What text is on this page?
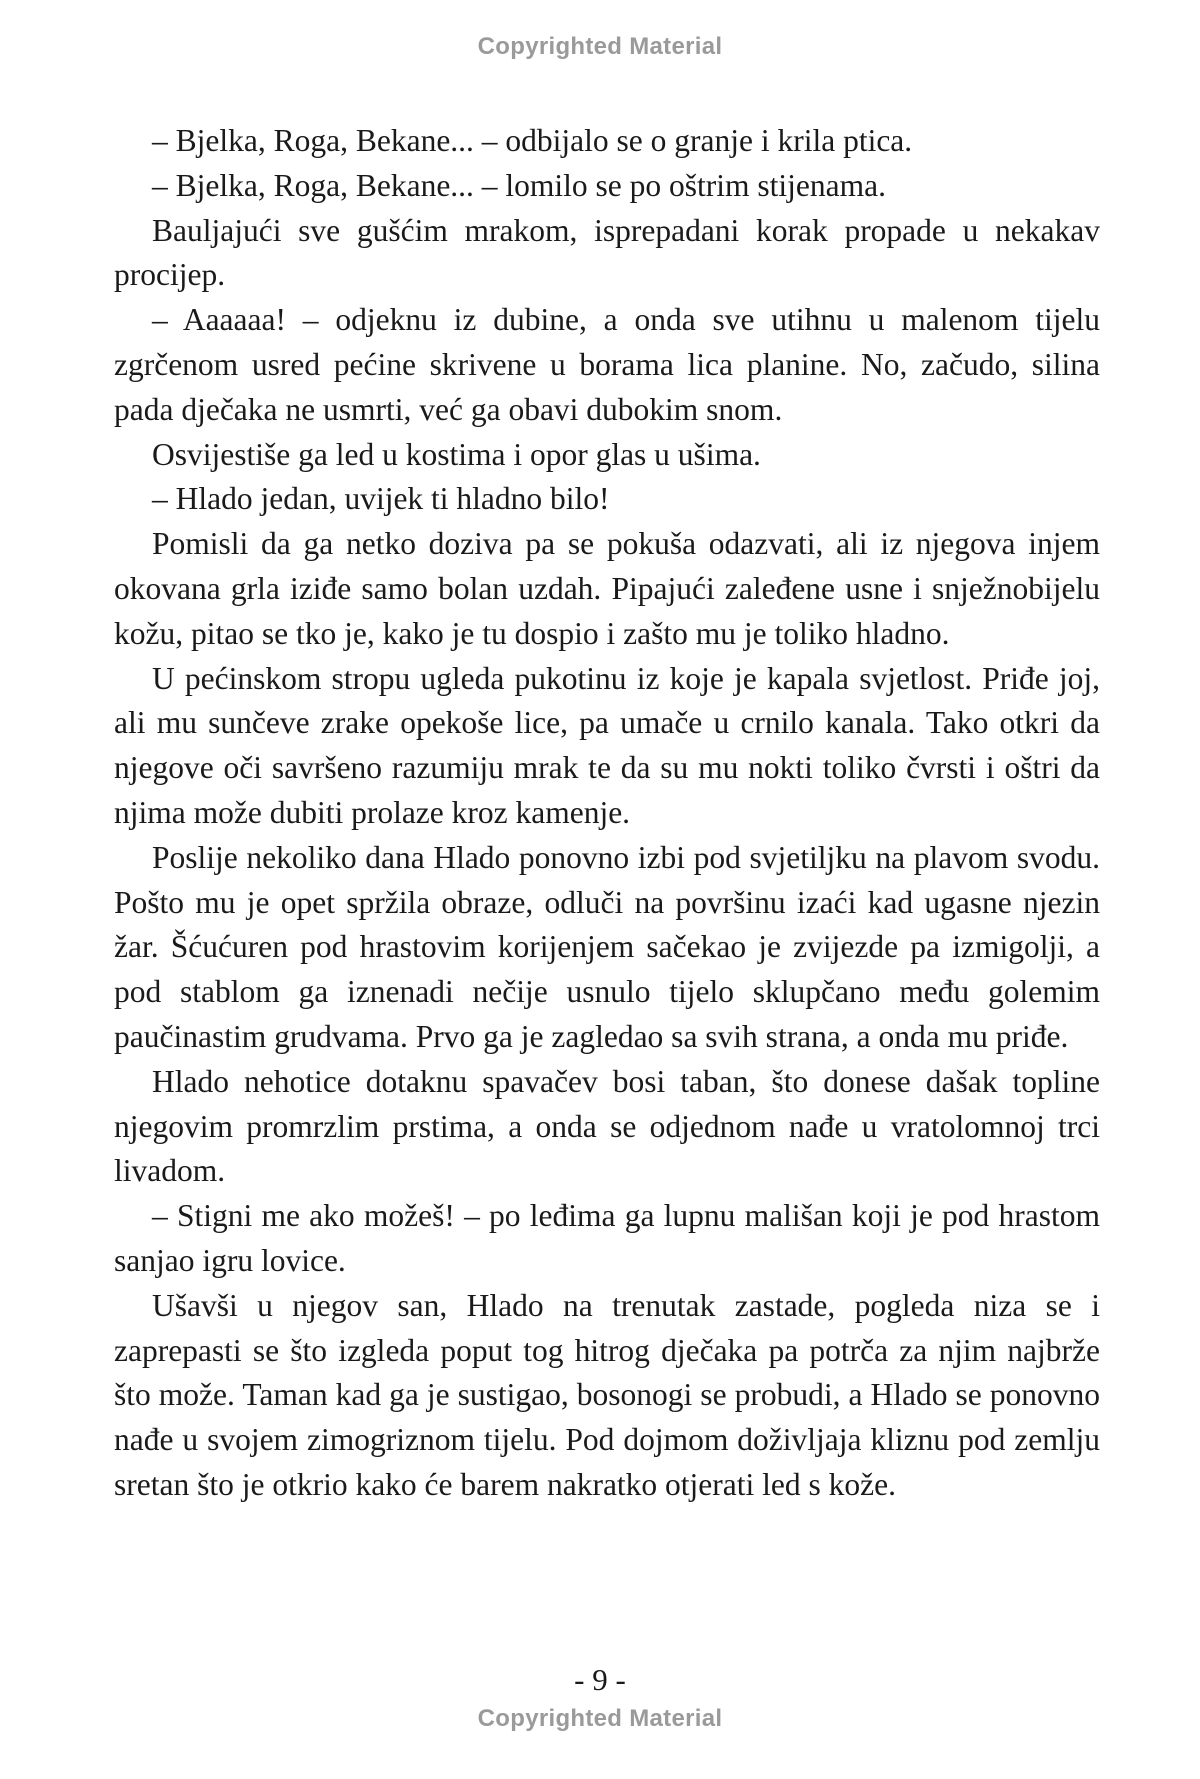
Copyrighted Material

– Bjelka, Roga, Bekane... – odbijalo se o granje i krila ptica.

– Bjelka, Roga, Bekane... – lomilo se po oštrim stijenama.

Bauljajući sve gušćim mrakom, isprepadani korak propade u nekakav procijep.

– Aaaaaa! – odjeknu iz dubine, a onda sve utihnu u malenom tijelu zgrčenom usred pećine skrivene u borama lica planine. No, začudo, silina pada dječaka ne usmrti, već ga obavi dubokim snom.

Osvijestiše ga led u kostima i opor glas u ušima.

– Hlado jedan, uvijek ti hladno bilo!

Pomisli da ga netko doziva pa se pokuša odazvati, ali iz njegova injem okovana grla iziđe samo bolan uzdah. Pipajući zaleđene usne i snježnobijelu kožu, pitao se tko je, kako je tu dospio i zašto mu je toliko hladno.

U pećinskom stropu ugleda pukotinu iz koje je kapala svjetlost. Priđe joj, ali mu sunčeve zrake opekoše lice, pa umače u crnilo kanala. Tako otkri da njegove oči savršeno razumiju mrak te da su mu nokti toliko čvrsti i oštri da njima može dubiti prolaze kroz kamenje.

Poslije nekoliko dana Hlado ponovno izbi pod svjetiljku na plavom svodu. Pošto mu je opet spržila obraze, odluči na površinu izaći kad ugasne njezin žar. Šćućuren pod hrastovim korijenjem sačekao je zvijezde pa izmigolji, a pod stablom ga iznenadi nečije usnulo tijelo sklupčano među golemim paučinastim grudvama. Prvo ga je zagledao sa svih strana, a onda mu priđe.

Hlado nehotice dotaknu spavačev bosi taban, što donese dašak topline njegovim promrzlim prstima, a onda se odjednom nađe u vratolomnoj trci livadom.

– Stigni me ako možeš! – po leđima ga lupnu mališan koji je pod hrastom sanjao igru lovice.

Ušavši u njegov san, Hlado na trenutak zastade, pogleda niza se i zaprepasti se što izgleda poput tog hitrog dječaka pa potrča za njim najbrže što može. Taman kad ga je sustigao, bosonogi se probudi, a Hlado se ponovno nađe u svojem zimogriznom tijelu. Pod dojmom doživljaja kliznu pod zemlju sretan što je otkrio kako će barem nakratko otjerati led s kože.

- 9 -
Copyrighted Material
